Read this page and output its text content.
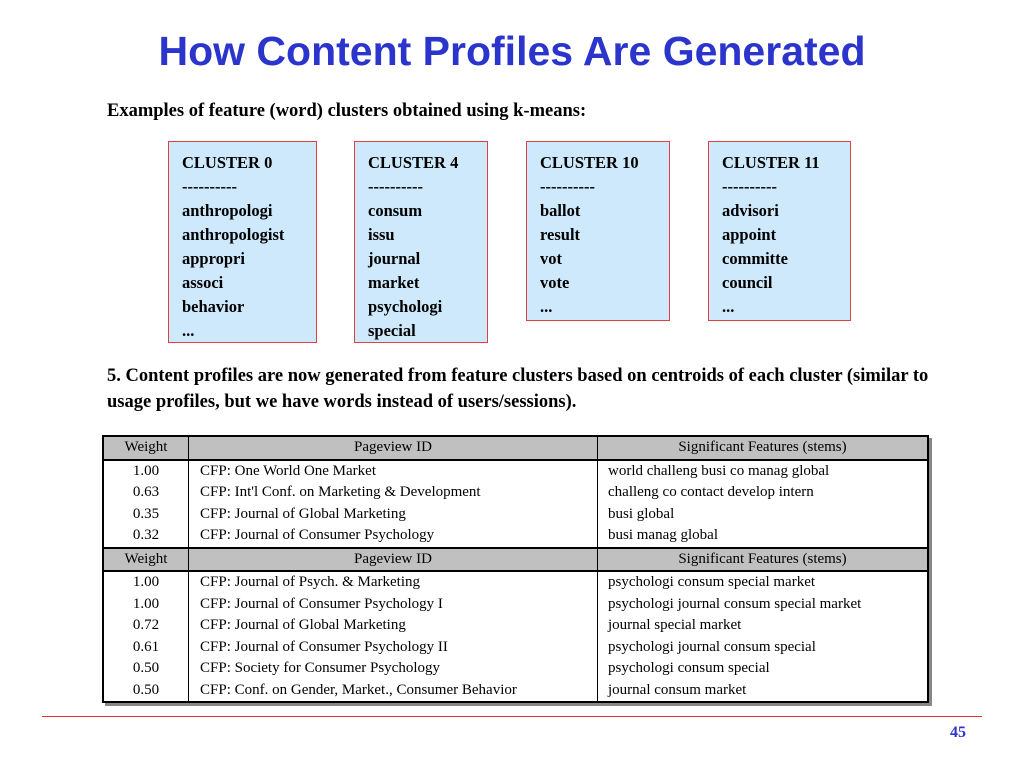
How Content Profiles Are Generated
Examples of feature (word) clusters obtained using k-means:
CLUSTER 0
----------
anthropologi
anthropologist
appropri
associ
behavior
...
CLUSTER 4
----------
consum
issu
journal
market
psychologi
special
CLUSTER 10
----------
ballot
result
vot
vote
...
CLUSTER 11
----------
advisori
appoint
committe
council
...
5. Content profiles are now generated from feature clusters based on centroids of each cluster (similar to usage profiles, but we have words instead of users/sessions).
Weight	Pageview ID	Significant Features (stems)
1.00	CFP: One World One Market	world challeng busi co manag global
0.63	CFP: Int'l Conf. on Marketing & Development	challeng co contact develop intern
0.35	CFP: Journal of Global Marketing	busi global
0.32	CFP: Journal of Consumer Psychology	busi manag global
Weight	Pageview ID	Significant Features (stems)
1.00	CFP: Journal of Psych. & Marketing	psychologi consum special market
1.00	CFP: Journal of Consumer Psychology I	psychologi journal consum special market
0.72	CFP: Journal of Global Marketing	journal special market
0.61	CFP: Journal of Consumer Psychology II	psychologi journal consum special
0.50	CFP: Society for Consumer Psychology	psychologi consum special
0.50	CFP: Conf. on Gender, Market., Consumer Behavior	journal consum market
45
